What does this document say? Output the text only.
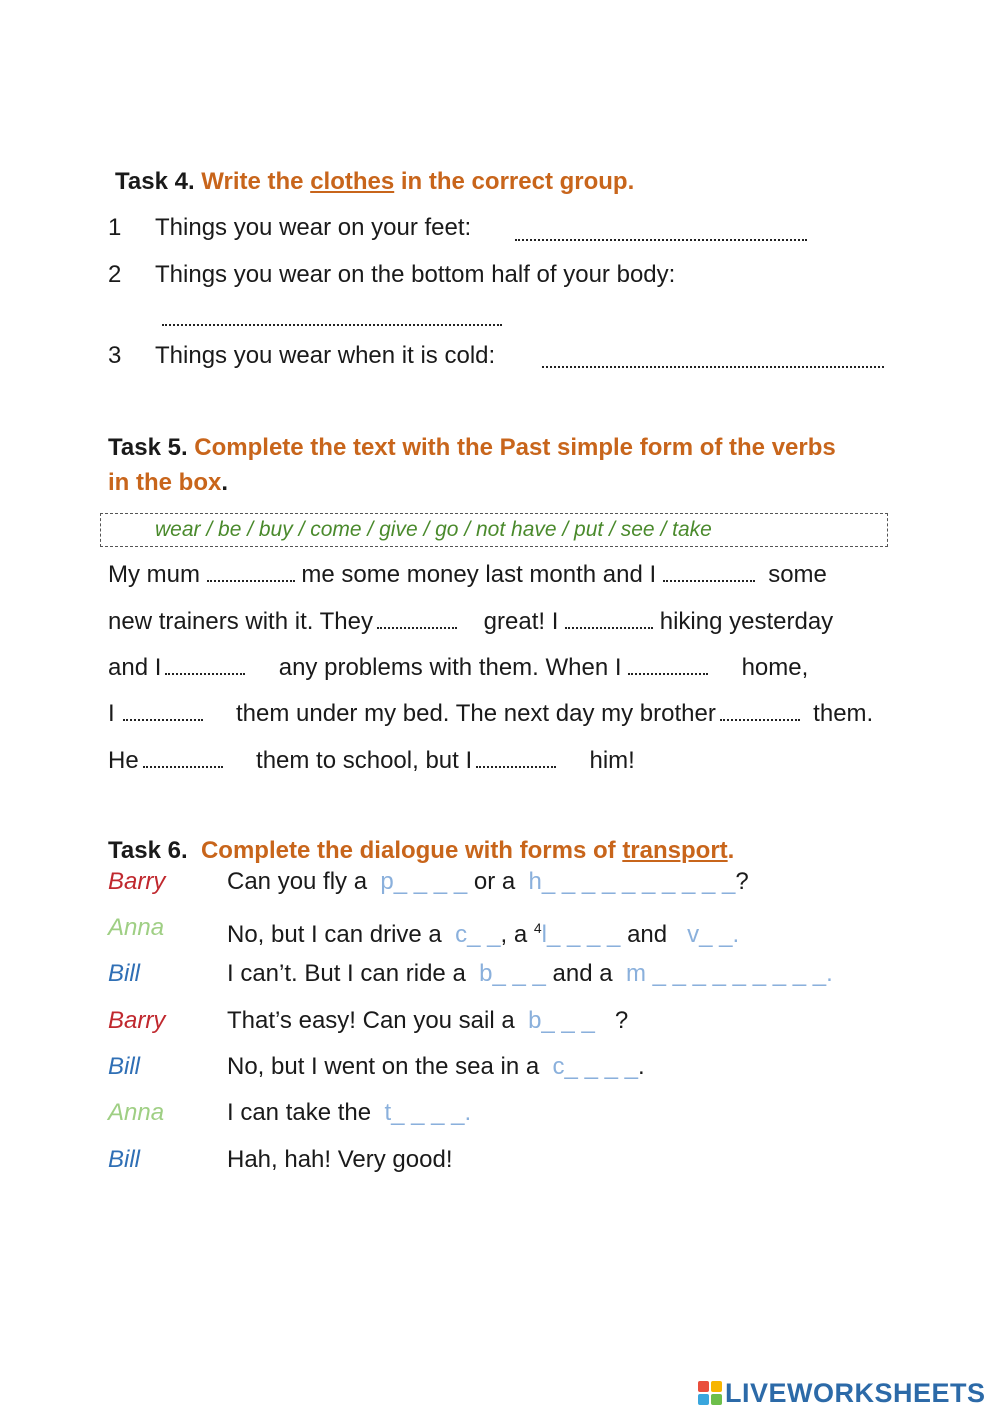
Task 4. Write the clothes in the correct group.
1	Things you wear on your feet:
2	Things you wear on the bottom half of your body:
3	Things you wear when it is cold:
Task 5. Complete the text with the Past simple form of the verbs
in the box.
wear / be / buy / come / give / go / not have / put / see / take
My mum	me some money last month and I	some
new trainers with it. They	great! I	hiking yesterday
and I	any problems with them. When I	home,
I	them under my bed. The next day my brother	them.
He	them to school, but I	him!
Task 6. Complete the dialogue with forms of transport.
Barry	Can you fly a p_ _ _ _ or a h_ _ _ _ _ _ _ _ _ _?
Anna	No, but I can drive a c_ _, a $^4$l_ _ _ _ and v_ _.
Bill	I can’t. But I can ride a b_ _ _ and a m _ _ _ _ _ _ _ _ _.
Barry	That’s easy! Can you sail a b_ _ _ ?
Bill	No, but I went on the sea in a c_ _ _ _.
Anna	I can take the t_ _ _ _.
Bill	Hah, hah! Very good!
LIVEWORKSHEETS
